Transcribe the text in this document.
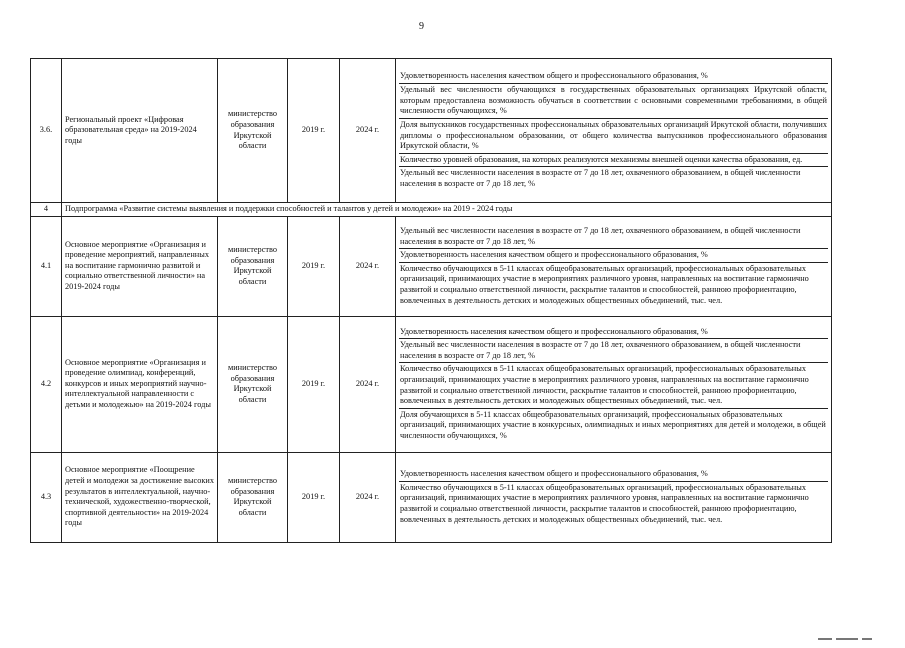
9
3.6.	Региональный проект «Цифровая образовательная среда» на 2019-2024 годы	министерство образования Иркутской области	2019 г.	2024 г.	Удовлетворенность населения качеством общего и профессионального образования, %
Удельный вес численности обучающихся в государственных образовательных организациях Иркутской области, которым предоставлена возможность обучаться в соответствии с основными современными требованиями, в общей численности обучающихся, %
Доля выпускников государственных профессиональных образовательных организаций Иркутской области, получивших дипломы о профессиональном образовании, от общего количества выпускников профессионального образования Иркутской области, %
Количество уровней образования, на которых реализуются механизмы внешней оценки качества образования, ед.
Удельный вес численности населения в возрасте от 7 до 18 лет, охваченного образованием, в общей численности населения в возрасте от 7 до 18 лет, %

4	Подпрограмма «Развитие системы выявления и поддержки способностей и талантов у детей и молодежи» на 2019 - 2024 годы				
4.1	Основное мероприятие «Организация и проведение мероприятий, направленных на воспитание гармонично развитой и социально ответственной личности» на 2019-2024 годы	министерство образования Иркутской области	2019 г.	2024 г.	Удельный вес численности населения в возрасте от 7 до 18 лет, охваченного образованием, в общей численности населения в возрасте от 7 до 18 лет, %
Удовлетворенность населения качеством общего и профессионального образования, %
Количество обучающихся в 5-11 классах общеобразовательных организаций, профессиональных образовательных организаций, принимающих участие в мероприятиях различного уровня, направленных на воспитание гармонично развитой и социально ответственной личности, раскрытие талантов и способностей, раннюю профориентацию, вовлеченных в деятельность детских и молодежных общественных объединений, тыс. чел.

4.2	Основное мероприятие «Организация и проведение олимпиад, конференций, конкурсов и иных мероприятий научно-интеллектуальной направленности с детьми и молодежью» на 2019-2024 годы	министерство образования Иркутской области	2019 г.	2024 г.	Удовлетворенность населения качеством общего и профессионального образования, %
Удельный вес численности населения в возрасте от 7 до 18 лет, охваченного образованием, в общей численности населения в возрасте от 7 до 18 лет, %
Количество обучающихся в 5-11 классах общеобразовательных организаций, профессиональных образовательных организаций, принимающих участие в мероприятиях различного уровня, направленных на воспитание гармонично развитой и социально ответственной личности, раскрытие талантов и способностей, раннюю профориентацию, вовлеченных в деятельность детских и молодежных общественных объединений, тыс. чел.
Доля обучающихся в 5-11 классах общеобразовательных организаций, профессиональных образовательных организаций, принимающих участие в конкурсных, олимпиадных и иных мероприятиях для детей и молодежи, в общей численности обучающихся, %

4.3	Основное мероприятие «Поощрение детей и молодежи за достижение высоких результатов в интеллектуальной, научно-технической, художественно-творческой, спортивной деятельности» на 2019-2024 годы	министерство образования Иркутской области	2019 г.	2024 г.	Удовлетворенность населения качеством общего и профессионального образования, %
Количество обучающихся в 5-11 классах общеобразовательных организаций, профессиональных образовательных организаций, принимающих участие в мероприятиях различного уровня, направленных на воспитание гармонично развитой и социально ответственной личности, раскрытие талантов и способностей, раннюю профориентацию, вовлеченных в деятельность детских и молодежных общественных объединений, тыс. чел.
